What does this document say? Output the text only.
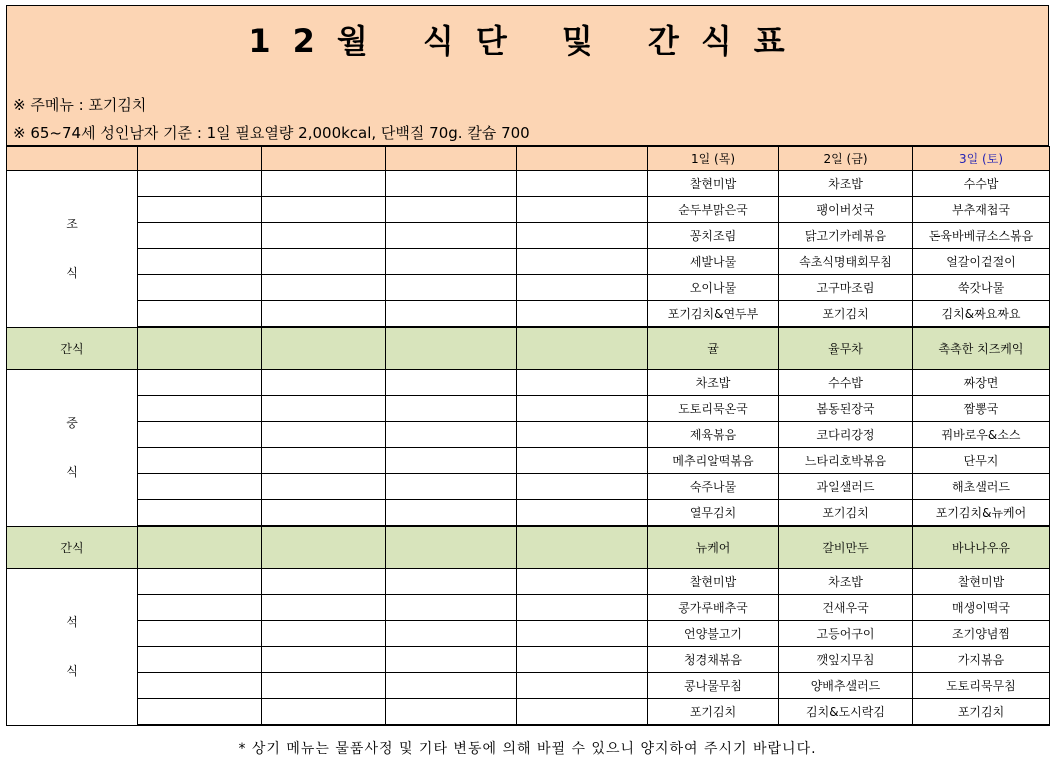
12월 식단 및 간식표
※ 주메뉴 : 포기김치
※ 65~74세 성인남자 기준 : 1일 필요열량 2,000kcal, 단백질 70g. 칼슘 700
					1일 (목)	2일 (금)	3일 (토)

조
식					찰현미밥	차조밥	수수밥
					순두부맑은국	팽이버섯국	부추재첩국
					꽁치조림	닭고기카레볶음	돈육바베큐소스볶음
					세발나물	속초식명태회무침	얼갈이겉절이
					오이나물	고구마조림	쑥갓나물
					포기김치&연두부	포기김치	김치&짜요짜요
간식					귤	율무차	촉촉한 치즈케익

중
식					차조밥	수수밥	짜장면
					도토리묵온국	봄동된장국	짬뽕국
					제육볶음	코다리강정	꿔바로우&소스
					메추리알떡볶음	느타리호박볶음	단무지
					숙주나물	과일샐러드	해초샐러드
					열무김치	포기김치	포기김치&뉴케어
간식					뉴케어	갈비만두	바나나우유

석
식					찰현미밥	차조밥	찰현미밥
					콩가루배추국	건새우국	매생이떡국
					언양불고기	고등어구이	조기양념찜
					청경채볶음	깻잎지무침	가지볶음
					콩나물무침	양배추샐러드	도토리묵무침
					포기김치	김치&도시락김	포기김치
* 상기 메뉴는 물품사정 및 기타 변동에 의해 바뀔 수 있으니 양지하여 주시기 바랍니다.
